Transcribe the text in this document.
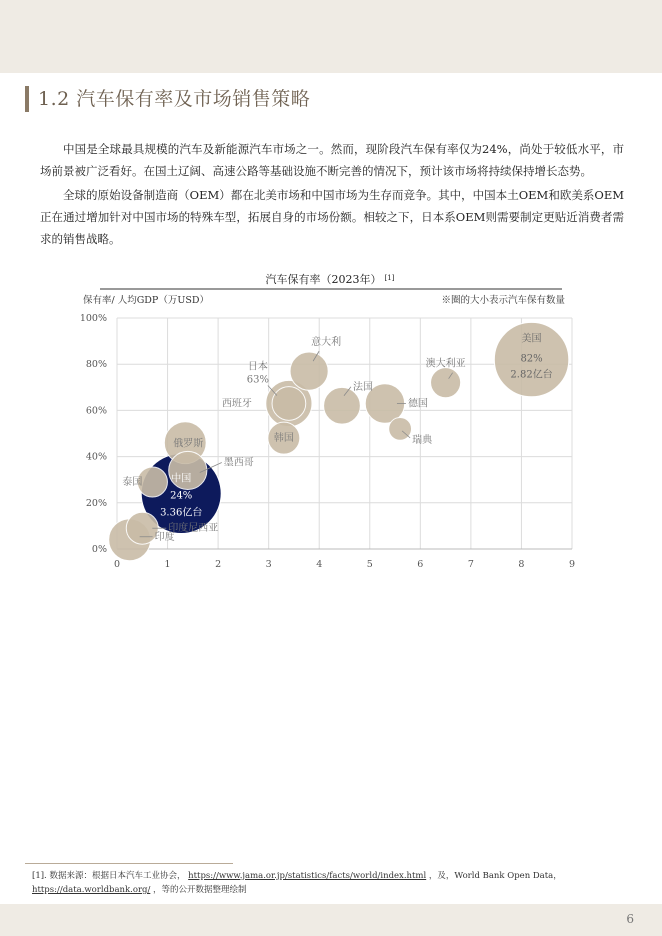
1.2 汽车保有率及市场销售策略
中国是全球最具规模的汽车及新能源汽车市场之一。然而，现阶段汽车保有率仅为24%，尚处于较低水平，市场前景被广泛看好。在国土辽阔、高速公路等基础设施不断完善的情况下，预计该市场将持续保持增长态势。
全球的原始设备制造商（OEM）都在北美市场和中国市场为生存而竞争。其中，中国本土OEM和欧美系OEM正在通过增加针对中国市场的特殊车型，拓展自身的市场份额。相较之下，日本系OEM则需要制定更贴近消费者需求的销售战略。
汽车保有率（2023年） [1]
保有率/ 人均GDP（万USD）	※圈的大小表示汽车保有数量
0	1	2	3	4	5	6	7	8	9
0%
20%
40%
60%
80%
100%
美国
82%
2.82亿台
中国
24%
3.36亿台
日本
63%
意大利
法国
德国
澳大利亚
瑞典
西班牙
韩国
俄罗斯
墨西哥
泰国
印度尼西亚
印度
[1]. 数据来源：根据日本汽车工业协会， https://www.jama.or.jp/statistics/facts/world/index.html ，及，World Bank Open Data， https://data.worldbank.org/ ，等的公开数据整理绘制
6
